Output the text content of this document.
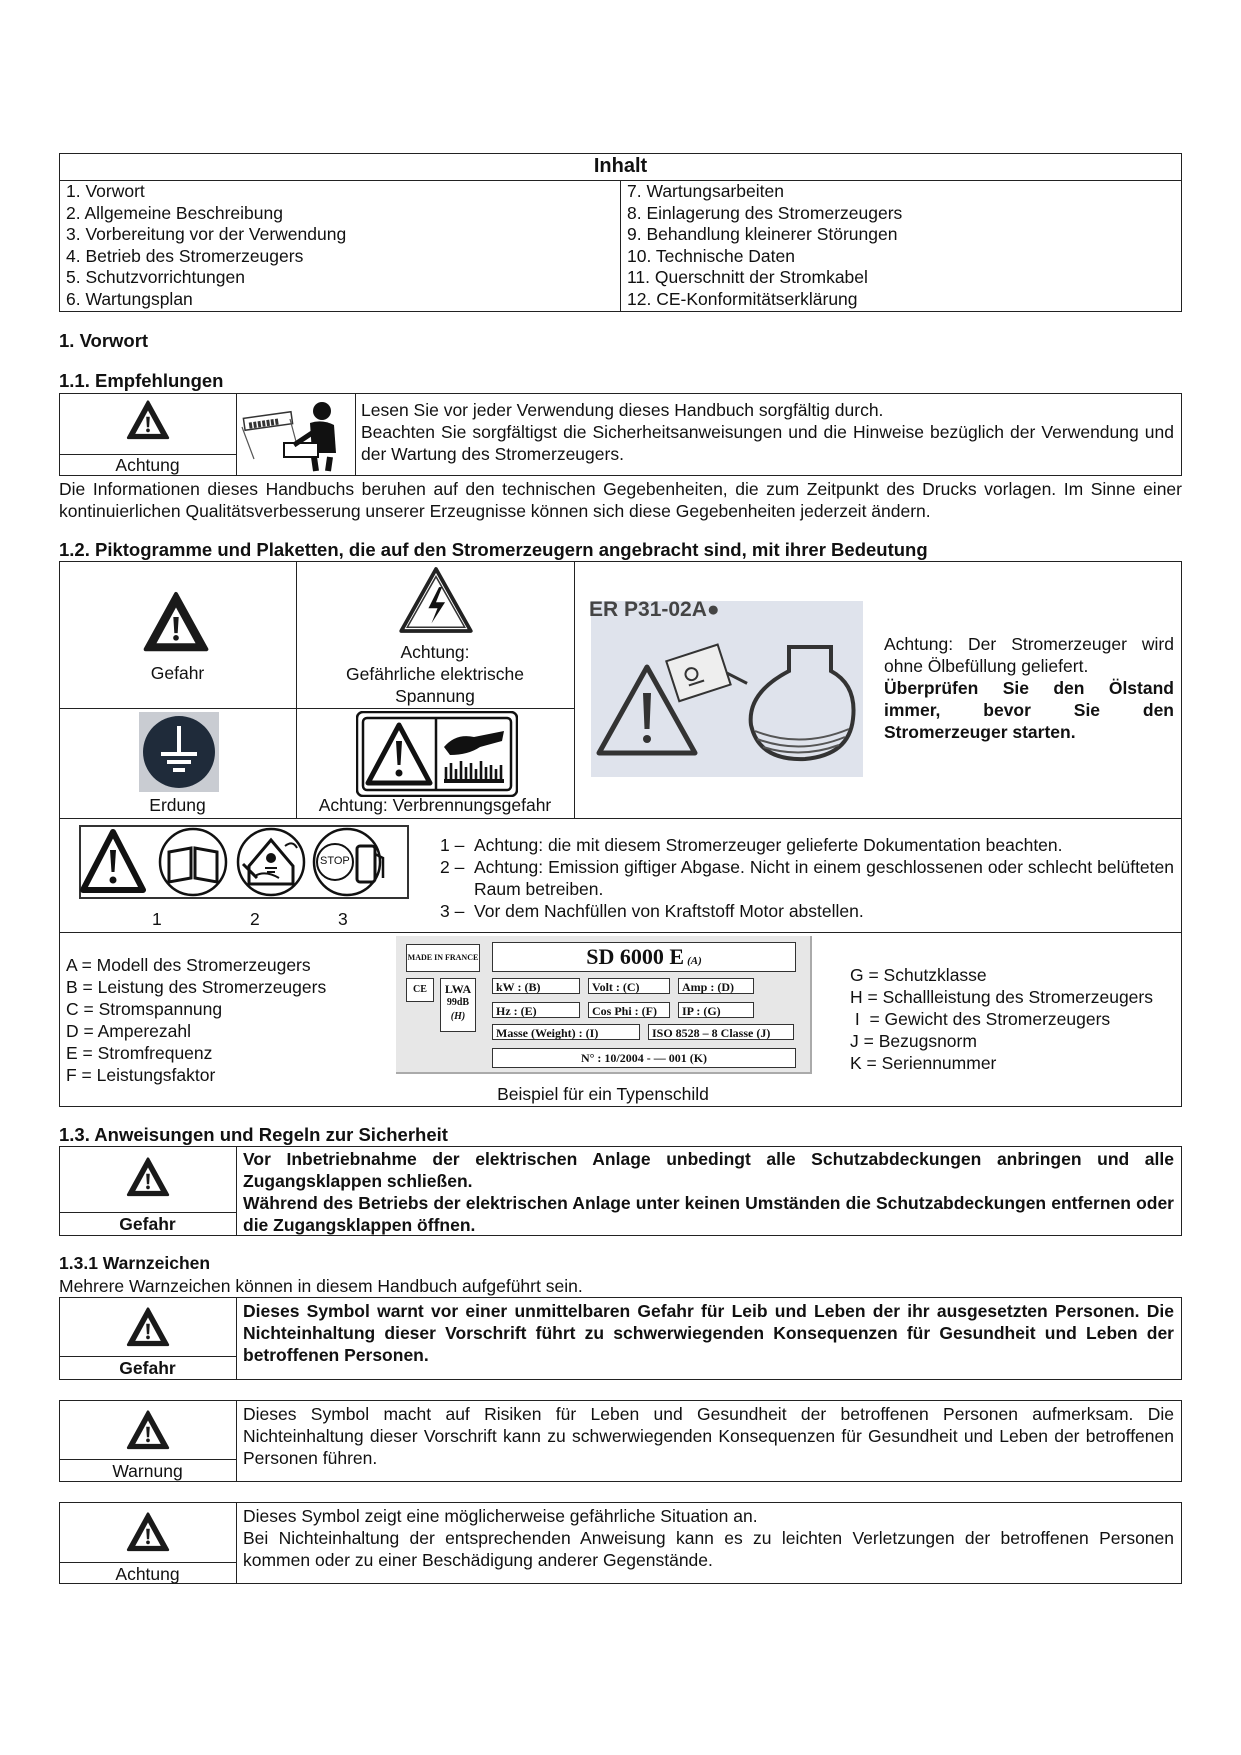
Inhalt
1. Vorwort
2. Allgemeine Beschreibung
3. Vorbereitung vor der Verwendung
4. Betrieb des Stromerzeugers
5. Schutzvorrichtungen
6. Wartungsplan
7. Wartungsarbeiten
8. Einlagerung des Stromerzeugers
9. Behandlung kleinerer Störungen
10. Technische Daten
11. Querschnitt der Stromkabel
12. CE-Konformitätserklärung
1. Vorwort
1.1. Empfehlungen
Achtung
▮▮▮▮▮▮▮
Lesen Sie vor jeder Verwendung dieses Handbuch sorgfältig durch.
Beachten Sie sorgfältigst die Sicherheitsanweisungen und die Hinweise bezüglich der Verwendung und der Wartung des Stromerzeugers.
Die Informationen dieses Handbuchs beruhen auf den technischen Gegebenheiten, die zum Zeitpunkt des Drucks vorlagen. Im Sinne einer kontinuierlichen Qualitätsverbesserung unserer Erzeugnisse können sich diese Gegebenheiten jederzeit ändern.
1.2. Piktogramme und Plaketten, die auf den Stromerzeugern angebracht sind, mit ihrer Bedeutung
Gefahr
Achtung:
Gefährliche elektrische
Spannung
Erdung	Achtung: Verbrennungsgefahr
ER P31-02A●
Achtung: Der Stromerzeuger wird ohne Ölbefüllung geliefert.
Überprüfen Sie den Ölstand immer, bevor Sie den Stromerzeuger starten.
STOP
1	2	3
1 – Achtung: die mit diesem Stromerzeuger gelieferte Dokumentation beachten.
2 – Achtung: Emission giftiger Abgase. Nicht in einem geschlossenen oder schlecht belüfteten Raum betreiben.
3 – Vor dem Nachfüllen von Kraftstoff Motor abstellen.
A = Modell des Stromerzeugers
B = Leistung des Stromerzeugers
C = Stromspannung
D = Amperezahl
E = Stromfrequenz
F = Leistungsfaktor
MADE IN FRANCE	SD 6000 E (A)
CE	LWA
99dB
(H)
kW : (B)	Volt : (C)	Amp : (D)
Hz : (E)	Cos Phi : (F)	IP : (G)
Masse (Weight) : (I)	ISO 8528 – 8 Classe (J)
N° : 10/2004 - — 001 (K)
Beispiel für ein Typenschild
G = Schutzklasse
H = Schallleistung des Stromerzeugers
I  = Gewicht des Stromerzeugers
J = Bezugsnorm
K = Seriennummer
1.3. Anweisungen und Regeln zur Sicherheit
Gefahr
Vor Inbetriebnahme der elektrischen Anlage unbedingt alle Schutzabdeckungen anbringen und alle Zugangsklappen schließen.
Während des Betriebs der elektrischen Anlage unter keinen Umständen die Schutzabdeckungen entfernen oder die Zugangsklappen öffnen.
1.3.1 Warnzeichen
Mehrere Warnzeichen können in diesem Handbuch aufgeführt sein.
Gefahr
Dieses Symbol warnt vor einer unmittelbaren Gefahr für Leib und Leben der ihr ausgesetzten Personen. Die Nichteinhaltung dieser Vorschrift führt zu schwerwiegenden Konsequenzen für Gesundheit und Leben der betroffenen Personen.
Warnung
Dieses Symbol macht auf Risiken für Leben und Gesundheit der betroffenen Personen aufmerksam. Die Nichteinhaltung dieser Vorschrift kann zu schwerwiegenden Konsequenzen für Gesundheit und Leben der betroffenen Personen führen.
Achtung
Dieses Symbol zeigt eine möglicherweise gefährliche Situation an.
Bei Nichteinhaltung der entsprechenden Anweisung kann es zu leichten Verletzungen der betroffenen Personen kommen oder zu einer Beschädigung anderer Gegenstände.
